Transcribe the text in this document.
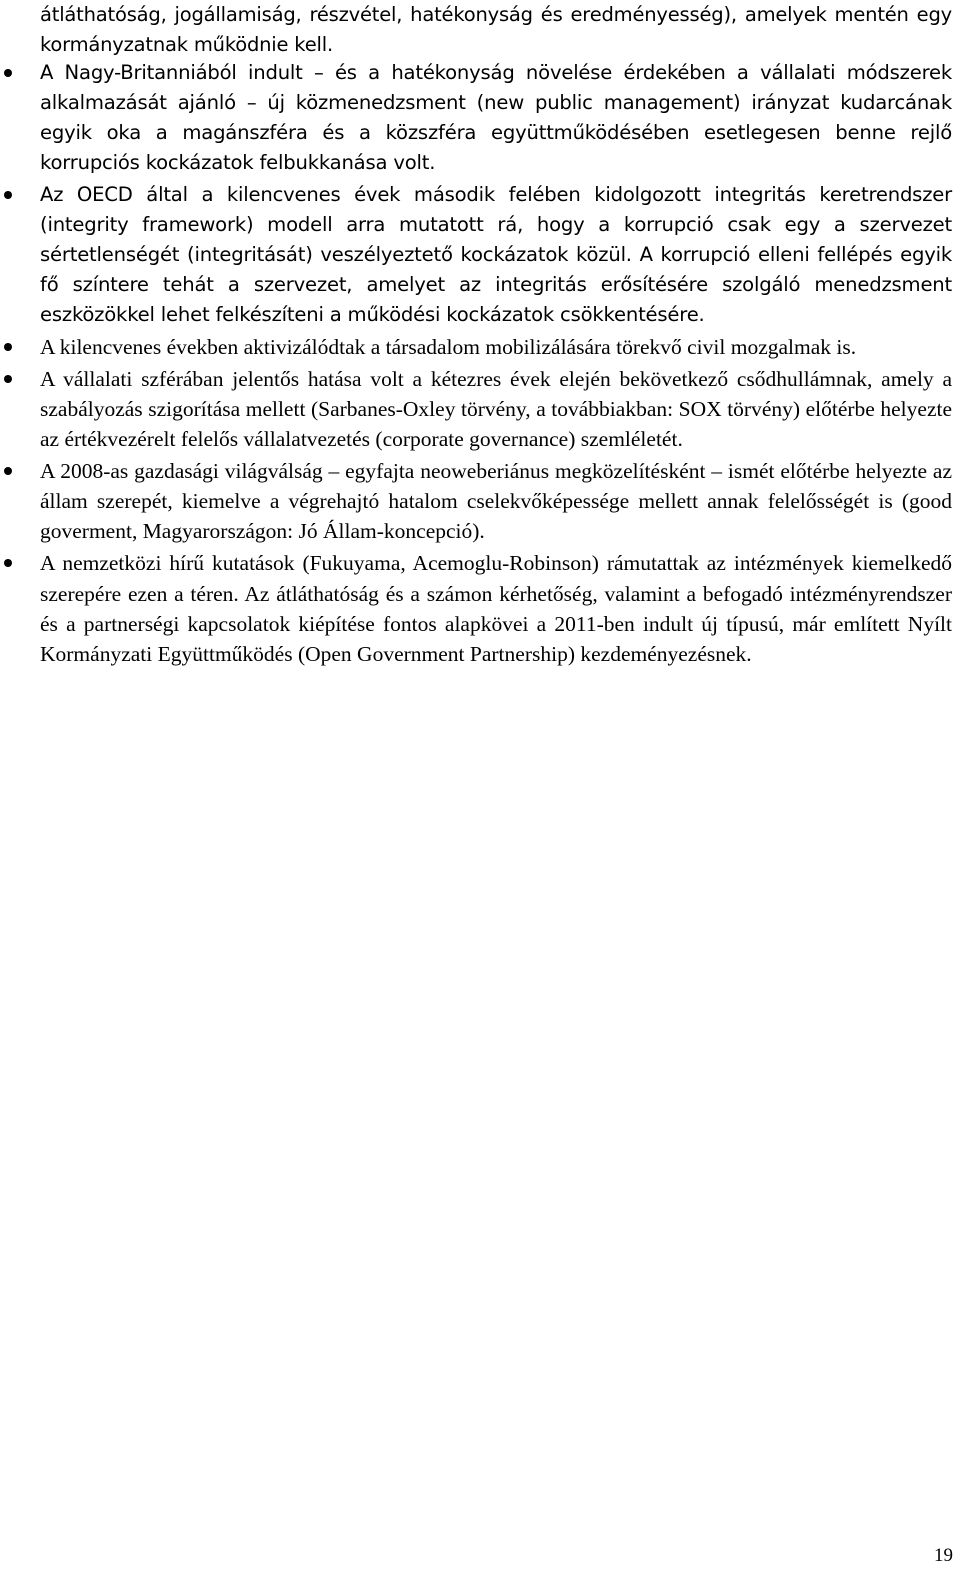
átláthatóság, jogállamiság, részvétel, hatékonyság és eredményesség), amelyek mentén egy kormányzatnak működnie kell.

A Nagy-Britanniából indult – és a hatékonyság növelése érdekében a vállalati módszerek alkalmazását ajánló – új közmenedzsment (new public management) irányzat kudarcának egyik oka a magánszféra és a közszféra együttműködésében esetlegesen benne rejlő korrupciós kockázatok felbukkanása volt.
Az OECD által a kilencvenes évek második felében kidolgozott integritás keretrendszer (integrity framework) modell arra mutatott rá, hogy a korrupció csak egy a szervezet sértetlenségét (integritását) veszélyeztető kockázatok közül. A korrupció elleni fellépés egyik fő színtere tehát a szervezet, amelyet az integritás erősítésére szolgáló menedzsment eszközökkel lehet felkészíteni a működési kockázatok csökkentésére.
A kilencvenes években aktivizálódtak a társadalom mobilizálására törekvő civil mozgalmak is.
A vállalati szférában jelentős hatása volt a kétezres évek elején bekövetkező csődhullámnak, amely a szabályozás szigorítása mellett (Sarbanes-Oxley törvény, a továbbiakban: SOX törvény) előtérbe helyezte az értékvezérelt felelős vállalatvezetés (corporate governance) szemléletét.
A 2008-as gazdasági világválság – egyfajta neoweberiánus megközelítésként – ismét előtérbe helyezte az állam szerepét, kiemelve a végrehajtó hatalom cselekvőképessége mellett annak felelősségét is (good goverment, Magyarországon: Jó Állam-koncepció).
A nemzetközi hírű kutatások (Fukuyama, Acemoglu-Robinson) rámutattak az intézmények kiemelkedő szerepére ezen a téren. Az átláthatóság és a számon kérhetőség, valamint a befogadó intézményrendszer és a partnerségi kapcsolatok kiépítése fontos alapkövei a 2011-ben indult új típusú, már említett Nyílt Kormányzati Együttműködés (Open Government Partnership) kezdeményezésnek.
19
